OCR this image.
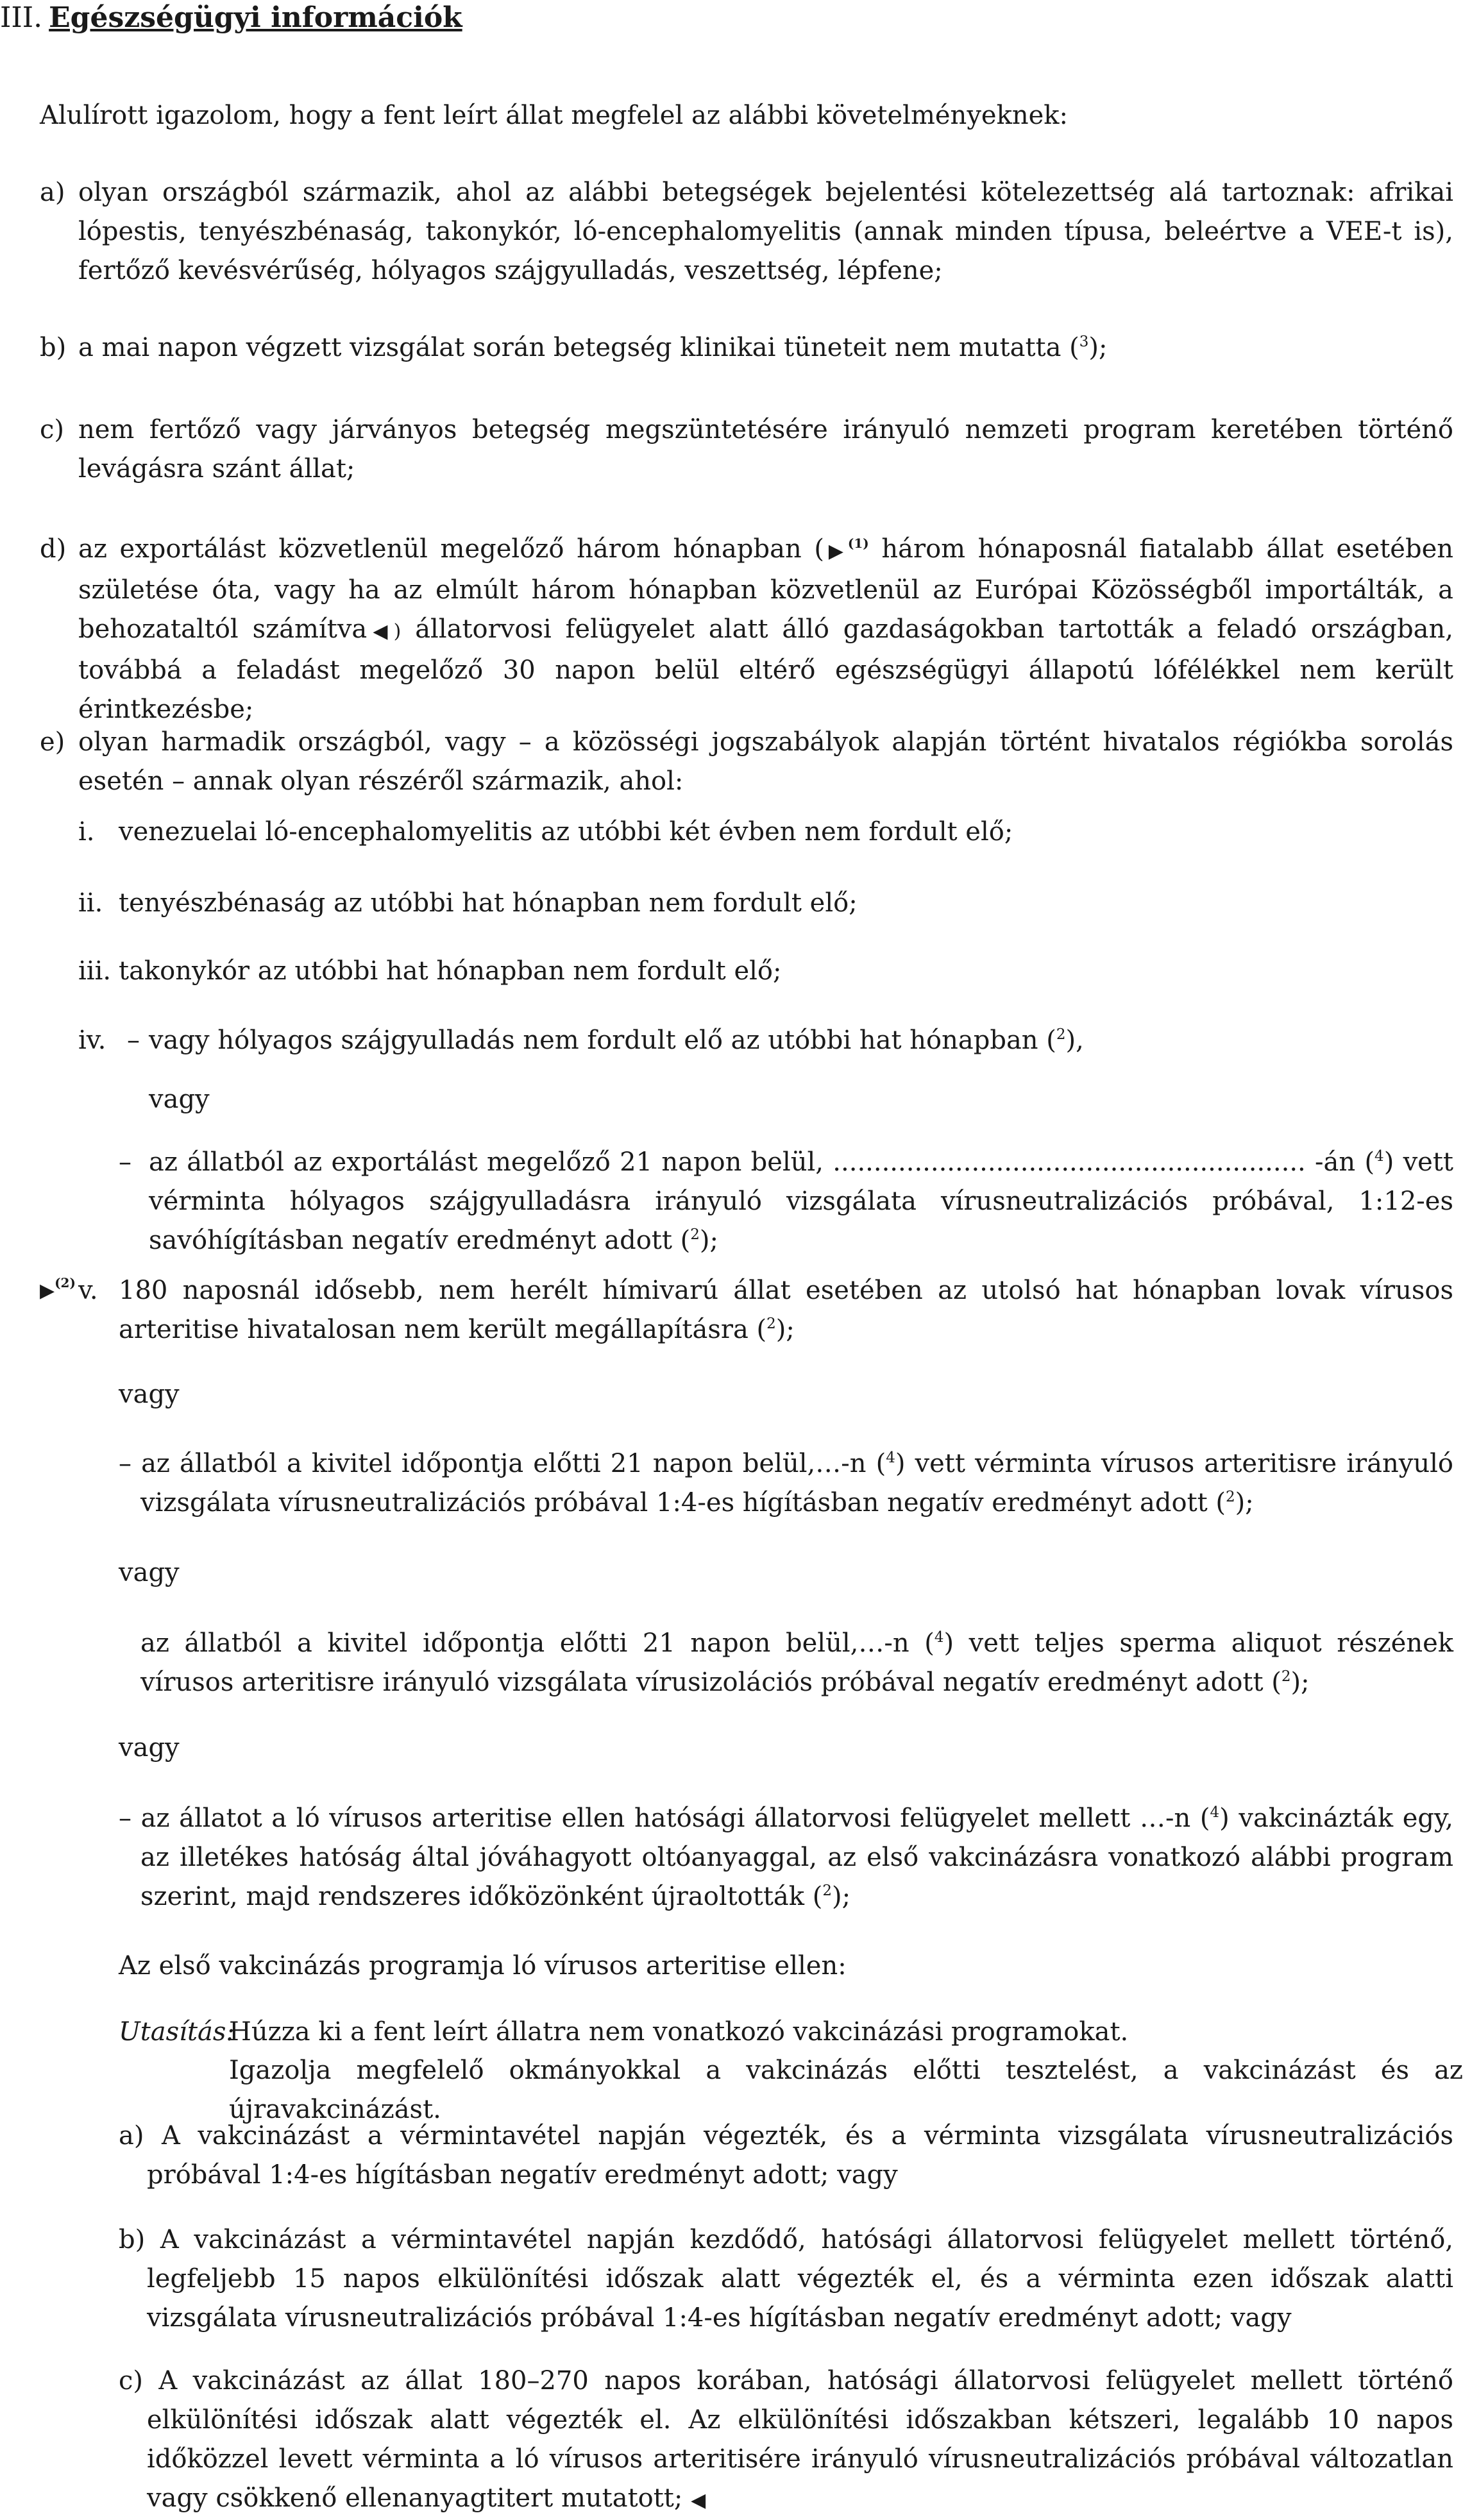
III. Egészségügyi információk
Alulírott igazolom, hogy a fent leírt állat megfelel az alábbi követelményeknek:
a) olyan országból származik, ahol az alábbi betegségek bejelentési kötelezettség alá tartoznak: afrikai lópestis, tenyészbénaság, takonykór, ló-encephalomyelitis (annak minden típusa, beleértve a VEE-t is), fertőző kevésvérűség, hólyagos szájgyulladás, veszettség, lépfene;
b) a mai napon végzett vizsgálat során betegség klinikai tüneteit nem mutatta ($^3$);
c) nem fertőző vagy járványos betegség megszüntetésére irányuló nemzeti program keretében történő levágásra szánt állat;
d) az exportálást közvetlenül megelőző három hónapban (▶$^{(1)}$ három hónaposnál fiatalabb állat esetében születése óta, vagy ha az elmúlt három hónapban közvetlenül az Európai Közösségből importálták, a behozataltól számítva◀) állatorvosi felügyelet alatt álló gazdaságokban tartották a feladó országban, továbbá a feladást megelőző 30 napon belül eltérő egészségügyi állapotú lófélékkel nem került érintkezésbe;
e) olyan harmadik országból, vagy – a közösségi jogszabályok alapján történt hivatalos régiókba sorolás esetén – annak olyan részéről származik, ahol:
i. venezuelai ló-encephalomyelitis az utóbbi két évben nem fordult elő;
ii. tenyészbénaság az utóbbi hat hónapban nem fordult elő;
iii. takonykór az utóbbi hat hónapban nem fordult elő;
iv. – vagy hólyagos szájgyulladás nem fordult elő az utóbbi hat hónapban ($^2$),
vagy
– az állatból az exportálást megelőző 21 napon belül, .......................................................... -án ($^4$) vett vérminta hólyagos szájgyulladásra irányuló vizsgálata vírusneutralizációs próbával, 1:12-es savóhígításban negatív eredményt adott ($^2$);
▶$^{(2)}$ v. 180 naposnál idősebb, nem herélt hímivarú állat esetében az utolsó hat hónapban lovak vírusos arteritise hivatalosan nem került megállapításra ($^2$);
vagy
– az állatból a kivitel időpontja előtti 21 napon belül,…-n ($^4$) vett vérminta vírusos arteritisre irányuló vizsgálata vírusneutralizációs próbával 1:4-es hígításban negatív eredményt adott ($^2$);
vagy
az állatból a kivitel időpontja előtti 21 napon belül,…-n ($^4$) vett teljes sperma aliquot részének vírusos arteritisre irányuló vizsgálata vírusizolációs próbával negatív eredményt adott ($^2$);
vagy
– az állatot a ló vírusos arteritise ellen hatósági állatorvosi felügyelet mellett …-n ($^4$) vakcinázták egy, az illetékes hatóság által jóváhagyott oltóanyaggal, az első vakcinázásra vonatkozó alábbi program szerint, majd rendszeres időközönként újraoltották ($^2$);
Az első vakcinázás programja ló vírusos arteritise ellen:
Utasítás:
Húzza ki a fent leírt állatra nem vonatkozó vakcinázási programokat.
Igazolja megfelelő okmányokkal a vakcinázás előtti tesztelést, a vakcinázást és az újravakcinázást.
a) A vakcinázást a vérmintavétel napján végezték, és a vérminta vizsgálata vírusneutralizációs próbával 1:4-es hígításban negatív eredményt adott; vagy
b) A vakcinázást a vérmintavétel napján kezdődő, hatósági állatorvosi felügyelet mellett történő, legfeljebb 15 napos elkülönítési időszak alatt végezték el, és a vérminta ezen időszak alatti vizsgálata vírusneutralizációs próbával 1:4-es hígításban negatív eredményt adott; vagy
c) A vakcinázást az állat 180–270 napos korában, hatósági állatorvosi felügyelet mellett történő elkülönítési időszak alatt végezték el. Az elkülönítési időszakban kétszeri, legalább 10 napos időközzel levett vérminta a ló vírusos arteritisére irányuló vírusneutralizációs próbával változatlan vagy csökkenő ellenanyagtitert mutatott; ◀
